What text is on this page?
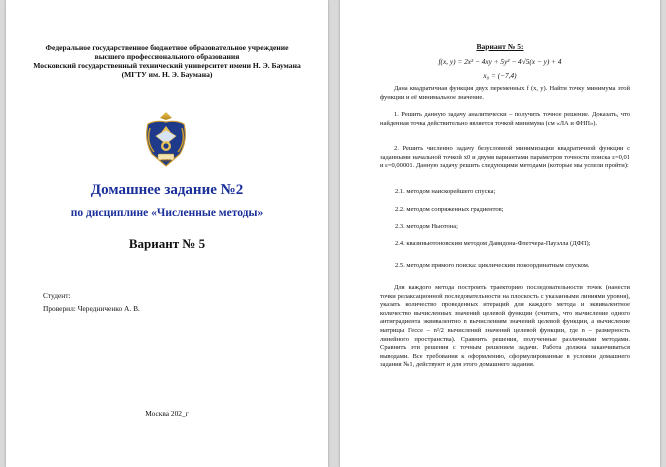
Федеральное государственное бюджетное образовательное учреждение
высшего профессионального образования
Московский государственный технический университет имени Н. Э. Баумана
(МГТУ им. Н. Э. Баумана)
1830
Домашнее задание №2
по дисциплине «Численные методы»
Вариант № 5
Студент:
Проверил: Чередниченко А. В.
Москва 202_г
Вариант № 5:
f(x, y) = 2x² − 4xy + 5y² − 4√5(x − y) + 4
x₀ = (−7,4)
Дана квадратичная функция двух переменных f (x, y). Найти точку минимума этой функции и её минимальное значение.
1. Решить данную задачу аналитически – получить точное решение. Доказать, что найденная точка действительно является точкой минимума (см «ЛА и ФНП»).
2. Решить численно задачу безусловной минимизации квадратичной функции с заданными начальной точкой x0 и двумя вариантами параметров точности поиска ε=0,01 и ε=0,00001. Данную задачу решить следующими методами (которые мы успели пройти):
2.1. методом наискорейшего спуска;
2.2. методом сопряженных градиентов;
2.3. методом Ньютона;
2.4. квазиньютоновским методом Давидона-Флетчера-Пауэлла (ДФП);
2.5. методом прямого поиска: циклическим покоординатным спуском.
Для каждого метода построить траекторию последовательности точек (нанести точки релаксационной последовательности на плоскость с указанными линиями уровня), указать количество проведенных итераций для каждого метода и эквивалентное количество вычисленных значений целевой функции (считать, что вычисление одного антиградиента эквивалентно n вычислениям значений целевой функции, а вычисление матрицы Гессе – n²/2 вычислений значений целевой функции, где n – размерность линейного пространства). Сравнить решения, полученные различными методами. Сравнить эти решения с точным решением задачи. Работа должна заканчиваться выводами. Все требования к оформлению, сформулированные в условии домашнего задания №1, действуют и для этого домашнего задания.
